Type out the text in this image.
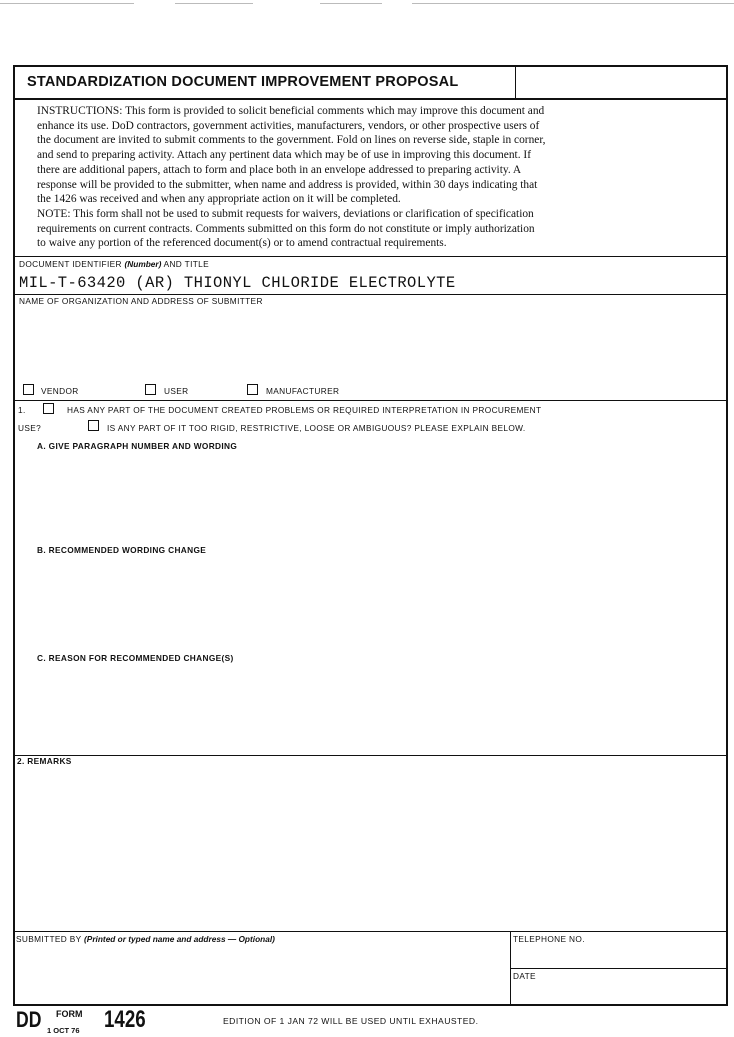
STANDARDIZATION DOCUMENT IMPROVEMENT PROPOSAL
INSTRUCTIONS: This form is provided to solicit beneficial comments which may improve this document and
enhance its use. DoD contractors, government activities, manufacturers, vendors, or other prospective users of
the document are invited to submit comments to the government. Fold on lines on reverse side, staple in corner,
and send to preparing activity. Attach any pertinent data which may be of use in improving this document. If
there are additional papers, attach to form and place both in an envelope addressed to preparing activity. A
response will be provided to the submitter, when name and address is provided, within 30 days indicating that
the 1426 was received and when any appropriate action on it will be completed.
NOTE: This form shall not be used to submit requests for waivers, deviations or clarification of specification
requirements on current contracts. Comments submitted on this form do not constitute or imply authorization
to waive any portion of the referenced document(s) or to amend contractual requirements.
DOCUMENT IDENTIFIER (Number) AND TITLE
MIL-T-63420 (AR) THIONYL CHLORIDE ELECTROLYTE
NAME OF ORGANIZATION AND ADDRESS OF SUBMITTER
VENDOR	USER	MANUFACTURER
1.	HAS ANY PART OF THE DOCUMENT CREATED PROBLEMS OR REQUIRED INTERPRETATION IN PROCUREMENT
USE?	IS ANY PART OF IT TOO RIGID, RESTRICTIVE, LOOSE OR AMBIGUOUS? PLEASE EXPLAIN BELOW.
A. GIVE PARAGRAPH NUMBER AND WORDING
B. RECOMMENDED WORDING CHANGE
C. REASON FOR RECOMMENDED CHANGE(S)
2. REMARKS
SUBMITTED BY (Printed or typed name and address — Optional)	TELEPHONE NO.
DATE
DD FORM 1426
1 OCT 76
EDITION OF 1 JAN 72 WILL BE USED UNTIL EXHAUSTED.
